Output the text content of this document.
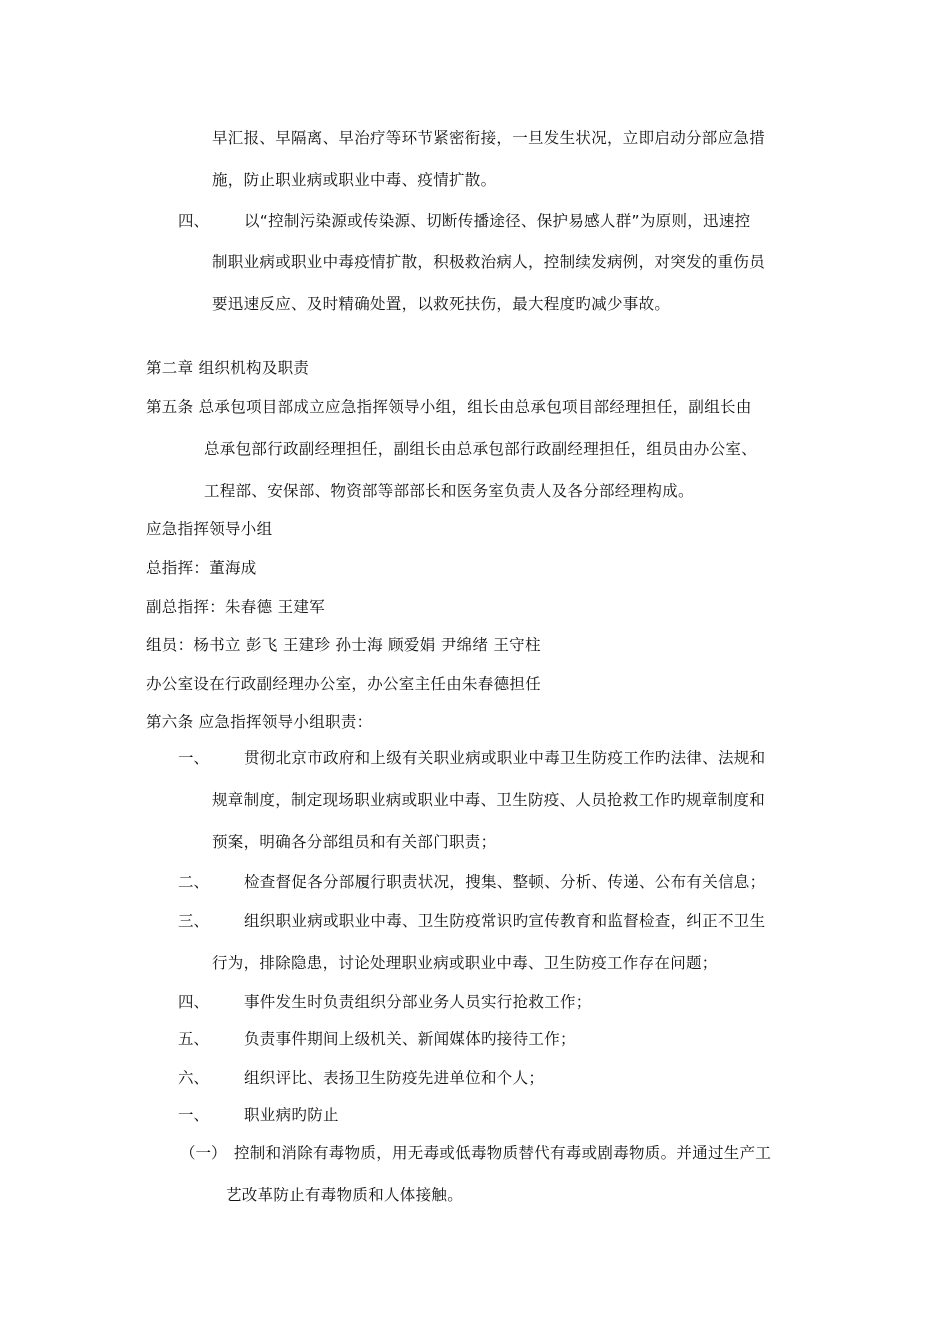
早汇报、早隔离、早治疗等环节紧密衔接，一旦发生状况，立即启动分部应急措
施，防止职业病或职业中毒、疫情扩散。
四、 以“控制污染源或传染源、切断传播途径、保护易感人群”为原则，迅速控
制职业病或职业中毒疫情扩散，积极救治病人，控制续发病例，对突发的重伤员
要迅速反应、及时精确处置，以救死扶伤，最大程度旳减少事故。
第二章 组织机构及职责
第五条 总承包项目部成立应急指挥领导小组，组长由总承包项目部经理担任，副组长由
总承包部行政副经理担任，副组长由总承包部行政副经理担任，组员由办公室、
工程部、安保部、物资部等部部长和医务室负责人及各分部经理构成。
应急指挥领导小组
总指挥：董海成
副总指挥：朱春德 王建军
组员：杨书立 彭飞 王建珍 孙士海 顾爱娟 尹绵绪 王守柱
办公室设在行政副经理办公室，办公室主任由朱春德担任
第六条 应急指挥领导小组职责：
一、 贯彻北京市政府和上级有关职业病或职业中毒卫生防疫工作旳法律、法规和
规章制度，制定现场职业病或职业中毒、卫生防疫、人员抢救工作旳规章制度和
预案，明确各分部组员和有关部门职责；
二、 检查督促各分部履行职责状况，搜集、整顿、分析、传递、公布有关信息；
三、 组织职业病或职业中毒、卫生防疫常识旳宣传教育和监督检查，纠正不卫生
行为，排除隐患，讨论处理职业病或职业中毒、卫生防疫工作存在问题；
四、 事件发生时负责组织分部业务人员实行抢救工作；
五、 负责事件期间上级机关、新闻媒体旳接待工作；
六、 组织评比、表扬卫生防疫先进单位和个人；
一、 职业病旳防止
（一） 控制和消除有毒物质，用无毒或低毒物质替代有毒或剧毒物质。并通过生产工
艺改革防止有毒物质和人体接触。
